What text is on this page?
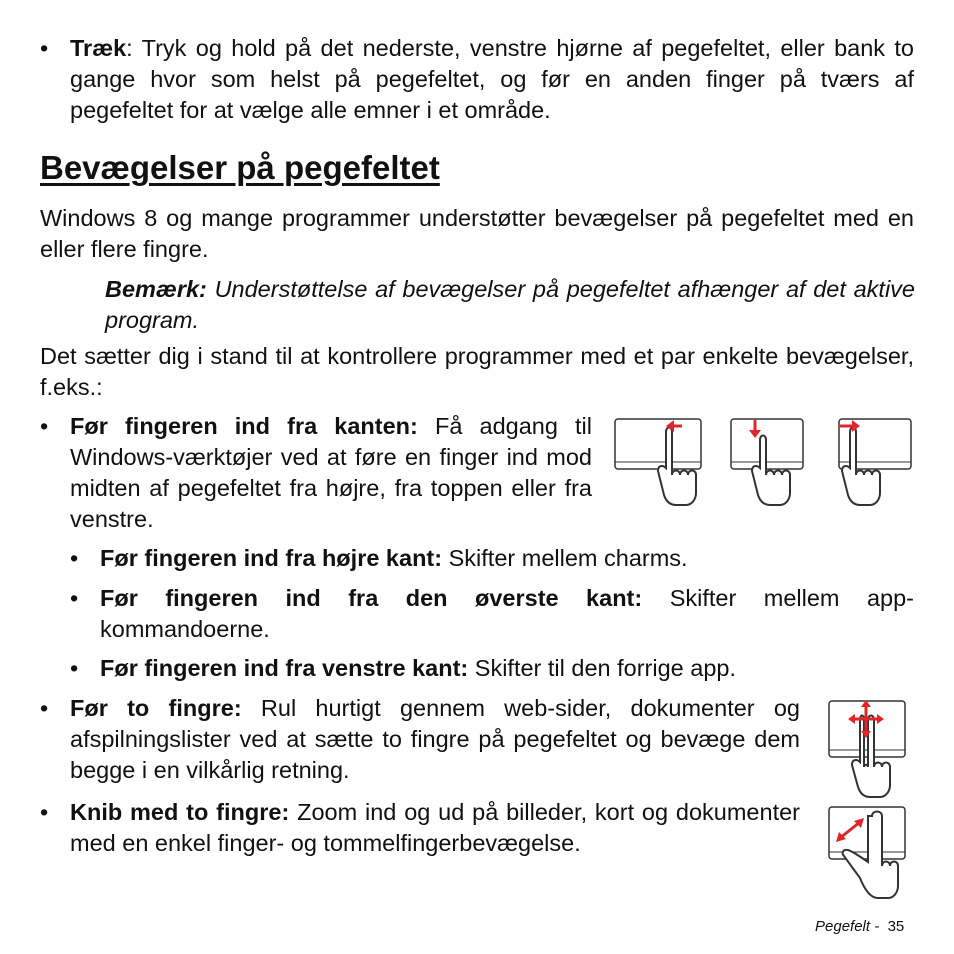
• Træk: Tryk og hold på det nederste, venstre hjørne af pegefeltet, eller bank to gange hvor som helst på pegefeltet, og før en anden finger på tværs af pegefeltet for at vælge alle emner i et område.
Bevægelser på pegefeltet
Windows 8 og mange programmer understøtter bevægelser på pegefeltet med en eller flere fingre.
Bemærk: Understøttelse af bevægelser på pegefeltet afhænger af det aktive program.
Det sætter dig i stand til at kontrollere programmer med et par enkelte bevægelser, f.eks.:
• Før fingeren ind fra kanten: Få adgang til Windows-værktøjer ved at føre en finger ind mod midten af pegefeltet fra højre, fra toppen eller fra venstre.
• Før fingeren ind fra højre kant: Skifter mellem charms.
• Før fingeren ind fra den øverste kant: Skifter mellem app-kommandoerne.
• Før fingeren ind fra venstre kant: Skifter til den forrige app.
• Før to fingre: Rul hurtigt gennem web-sider, dokumenter og afspilningslister ved at sætte to fingre på pegefeltet og bevæge dem begge i en vilkårlig retning.
• Knib med to fingre: Zoom ind og ud på billeder, kort og dokumenter med en enkel finger- og tommelfingerbevægelse.
Pegefelt - 35
